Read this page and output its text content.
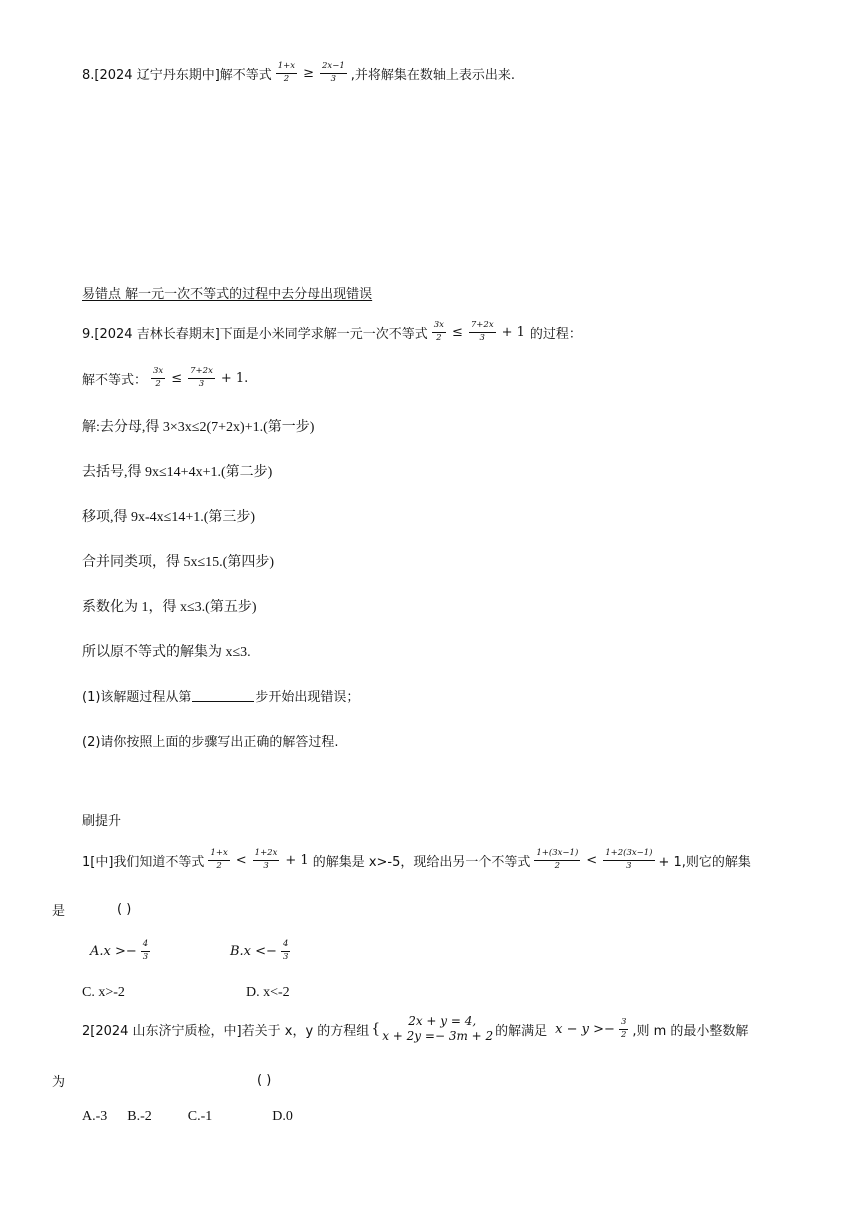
8.[2024 辽宁丹东期中]解不等式 $\frac{1+x}{2} \ge \frac{2x-1}{3}$ ,并将解集在数轴上表示出来.
易错点 解一元一次不等式的过程中去分母出现错误
9.[2024 吉林长春期末]下面是小米同学求解一元一次不等式 $\frac{3x}{2} \le \frac{7+2x}{3} + 1$ 的过程：
解不等式： $\frac{3x}{2} \le \frac{7+2x}{3} + 1$.
解:去分母,得 3×3x≤2(7+2x)+1.(第一步)
去括号,得 9x≤14+4x+1.(第二步)
移项,得 9x-4x≤14+1.(第三步)
合并同类项，得 5x≤15.(第四步)
系数化为 1，得 x≤3.(第五步)
所以原不等式的解集为 x≤3.
(1)该解题过程从第	步开始出现错误；
(2)请你按照上面的步骤写出正确的解答过程.
刷提升
1[中]我们知道不等式 $\frac{1+x}{2} < \frac{1+2x}{3} + 1$ 的解集是 x>-5，现给出另一个不等式 $\frac{1+(3x-1)}{2} < \frac{1+2(3x-1)}{3} + 1$,则它的解集
是	( )
$A.x >- \frac{4}{3}$	$B.x <- \frac{4}{3}$
C. x>-2	D. x<-2
2[2024 山东济宁质检，中]若关于 x，y 的方程组 {	2x + y = 4,
x + 2y =− 3m + 2 的解满足 $x - y >- \frac{3}{2}$ ,则 m 的最小整数解
为	( )
A.-3 B.-2	C.-1	D.0
